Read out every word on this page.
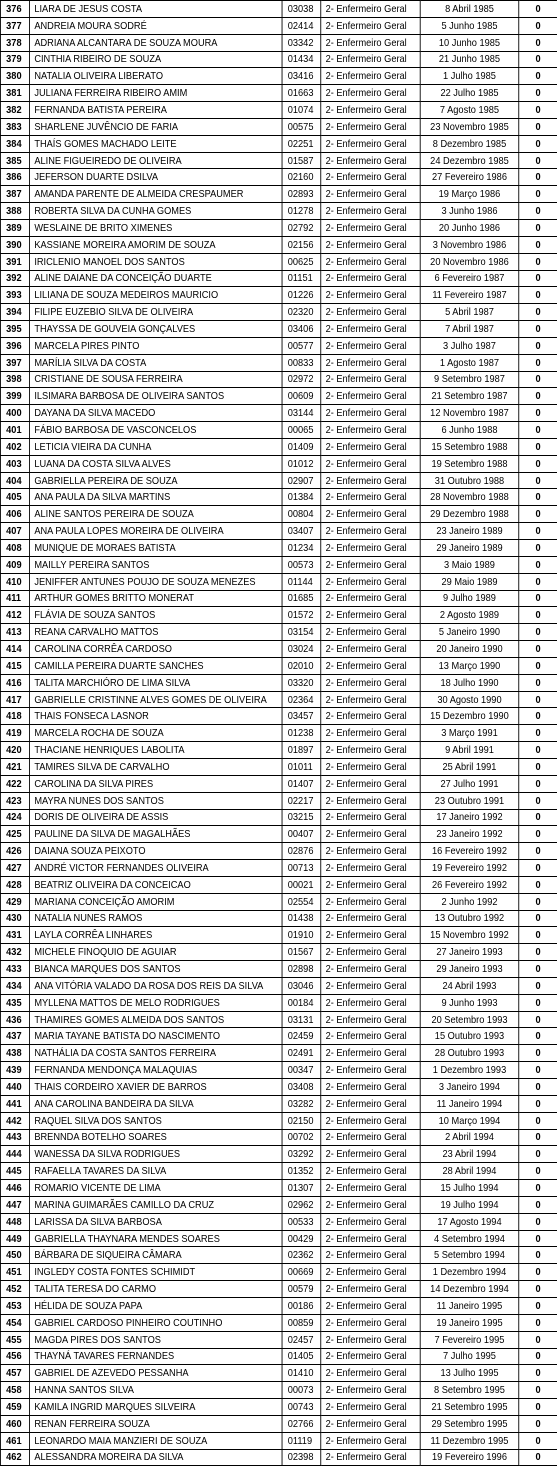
376	LIARA DE JESUS COSTA	03038	2- Enfermeiro Geral	8 Abril 1985	0
377	ANDREIA MOURA SODRÉ	02414	2- Enfermeiro Geral	5 Junho 1985	0
378	ADRIANA ALCANTARA DE SOUZA MOURA	03342	2- Enfermeiro Geral	10 Junho 1985	0
379	CINTHIA RIBEIRO DE SOUZA	01434	2- Enfermeiro Geral	21 Junho 1985	0
380	NATALIA OLIVEIRA LIBERATO	03416	2- Enfermeiro Geral	1 Julho 1985	0
381	JULIANA FERREIRA RIBEIRO AMIM	01663	2- Enfermeiro Geral	22 Julho 1985	0
382	FERNANDA BATISTA PEREIRA	01074	2- Enfermeiro Geral	7 Agosto 1985	0
383	SHARLENE JUVÊNCIO DE FARIA	00575	2- Enfermeiro Geral	23 Novembro 1985	0
384	THAÍS GOMES MACHADO LEITE	02251	2- Enfermeiro Geral	8 Dezembro 1985	0
385	ALINE FIGUEIREDO DE OLIVEIRA	01587	2- Enfermeiro Geral	24 Dezembro 1985	0
386	JEFERSON DUARTE DSILVA	02160	2- Enfermeiro Geral	27 Fevereiro 1986	0
387	AMANDA PARENTE DE ALMEIDA CRESPAUMER	02893	2- Enfermeiro Geral	19 Março 1986	0
388	ROBERTA SILVA DA CUNHA GOMES	01278	2- Enfermeiro Geral	3 Junho 1986	0
389	WESLAINE DE BRITO XIMENES	02792	2- Enfermeiro Geral	20 Junho 1986	0
390	KASSIANE MOREIRA AMORIM DE SOUZA	02156	2- Enfermeiro Geral	3 Novembro 1986	0
391	IRICLENIO MANOEL DOS SANTOS	00625	2- Enfermeiro Geral	20 Novembro 1986	0
392	ALINE DAIANE DA CONCEIÇÃO DUARTE	01151	2- Enfermeiro Geral	6 Fevereiro 1987	0
393	LILIANA DE SOUZA MEDEIROS MAURICIO	01226	2- Enfermeiro Geral	11 Fevereiro 1987	0
394	FILIPE EUZEBIO SILVA DE OLIVEIRA	02320	2- Enfermeiro Geral	5 Abril 1987	0
395	THAYSSA DE GOUVEIA GONÇALVES	03406	2- Enfermeiro Geral	7 Abril 1987	0
396	MARCELA PIRES PINTO	00577	2- Enfermeiro Geral	3 Julho 1987	0
397	MARÍLIA SILVA DA COSTA	00833	2- Enfermeiro Geral	1 Agosto 1987	0
398	CRISTIANE DE SOUSA FERREIRA	02972	2- Enfermeiro Geral	9 Setembro 1987	0
399	ILSIMARA BARBOSA DE OLIVEIRA SANTOS	00609	2- Enfermeiro Geral	21 Setembro 1987	0
400	DAYANA DA SILVA MACEDO	03144	2- Enfermeiro Geral	12 Novembro 1987	0
401	FÁBIO BARBOSA DE VASCONCELOS	00065	2- Enfermeiro Geral	6 Junho 1988	0
402	LETICIA VIEIRA DA CUNHA	01409	2- Enfermeiro Geral	15 Setembro 1988	0
403	LUANA DA COSTA SILVA ALVES	01012	2- Enfermeiro Geral	19 Setembro 1988	0
404	GABRIELLA PEREIRA DE SOUZA	02907	2- Enfermeiro Geral	31 Outubro 1988	0
405	ANA PAULA DA SILVA MARTINS	01384	2- Enfermeiro Geral	28 Novembro 1988	0
406	ALINE SANTOS PEREIRA DE SOUZA	00804	2- Enfermeiro Geral	29 Dezembro 1988	0
407	ANA PAULA LOPES MOREIRA DE OLIVEIRA	03407	2- Enfermeiro Geral	23 Janeiro 1989	0
408	MUNIQUE DE MORAES BATISTA	01234	2- Enfermeiro Geral	29 Janeiro 1989	0
409	MAILLY PEREIRA SANTOS	00573	2- Enfermeiro Geral	3 Maio 1989	0
410	JENIFFER ANTUNES POUJO DE SOUZA MENEZES	01144	2- Enfermeiro Geral	29 Maio 1989	0
411	ARTHUR GOMES BRITTO MONERAT	01685	2- Enfermeiro Geral	9 Julho 1989	0
412	FLÁVIA DE SOUZA SANTOS	01572	2- Enfermeiro Geral	2 Agosto 1989	0
413	REANA CARVALHO MATTOS	03154	2- Enfermeiro Geral	5 Janeiro 1990	0
414	CAROLINA CORRÊA CARDOSO	03024	2- Enfermeiro Geral	20 Janeiro 1990	0
415	CAMILLA PEREIRA DUARTE SANCHES	02010	2- Enfermeiro Geral	13 Março 1990	0
416	TALITA MARCHIÓRO DE LIMA SILVA	03320	2- Enfermeiro Geral	18 Julho 1990	0
417	GABRIELLE CRISTINNE ALVES GOMES DE OLIVEIRA	02364	2- Enfermeiro Geral	30 Agosto 1990	0
418	THAIS FONSECA LASNOR	03457	2- Enfermeiro Geral	15 Dezembro 1990	0
419	MARCELA ROCHA DE SOUZA	01238	2- Enfermeiro Geral	3 Março 1991	0
420	THACIANE HENRIQUES LABOLITA	01897	2- Enfermeiro Geral	9 Abril 1991	0
421	TAMIRES SILVA DE CARVALHO	01011	2- Enfermeiro Geral	25 Abril 1991	0
422	CAROLINA DA SILVA PIRES	01407	2- Enfermeiro Geral	27 Julho 1991	0
423	MAYRA NUNES DOS SANTOS	02217	2- Enfermeiro Geral	23 Outubro 1991	0
424	DORIS DE OLIVEIRA DE ASSIS	03215	2- Enfermeiro Geral	17 Janeiro 1992	0
425	PAULINE DA SILVA DE MAGALHÃES	00407	2- Enfermeiro Geral	23 Janeiro 1992	0
426	DAIANA SOUZA PEIXOTO	02876	2- Enfermeiro Geral	16 Fevereiro 1992	0
427	ANDRÉ VICTOR FERNANDES OLIVEIRA	00713	2- Enfermeiro Geral	19 Fevereiro 1992	0
428	BEATRIZ OLIVEIRA DA CONCEICAO	00021	2- Enfermeiro Geral	26 Fevereiro 1992	0
429	MARIANA CONCEIÇÃO AMORIM	02554	2- Enfermeiro Geral	2 Junho 1992	0
430	NATALIA NUNES RAMOS	01438	2- Enfermeiro Geral	13 Outubro 1992	0
431	LAYLA CORRÊA LINHARES	01910	2- Enfermeiro Geral	15 Novembro 1992	0
432	MICHELE FINOQUIO DE AGUIAR	01567	2- Enfermeiro Geral	27 Janeiro 1993	0
433	BIANCA MARQUES DOS SANTOS	02898	2- Enfermeiro Geral	29 Janeiro 1993	0
434	ANA VITÓRIA VALADO DA ROSA DOS REIS DA SILVA	03046	2- Enfermeiro Geral	24 Abril 1993	0
435	MYLLENA MATTOS DE MELO RODRIGUES	00184	2- Enfermeiro Geral	9 Junho 1993	0
436	THAMIRES GOMES ALMEIDA DOS SANTOS	03131	2- Enfermeiro Geral	20 Setembro 1993	0
437	MARIA TAYANE BATISTA DO NASCIMENTO	02459	2- Enfermeiro Geral	15 Outubro 1993	0
438	NATHÁLIA DA COSTA SANTOS FERREIRA	02491	2- Enfermeiro Geral	28 Outubro 1993	0
439	FERNANDA MENDONÇA MALAQUIAS	00347	2- Enfermeiro Geral	1 Dezembro 1993	0
440	THAIS CORDEIRO XAVIER DE BARROS	03408	2- Enfermeiro Geral	3 Janeiro 1994	0
441	ANA CAROLINA BANDEIRA DA SILVA	03282	2- Enfermeiro Geral	11 Janeiro 1994	0
442	RAQUEL SILVA DOS SANTOS	02150	2- Enfermeiro Geral	10 Março 1994	0
443	BRENNDA BOTELHO SOARES	00702	2- Enfermeiro Geral	2 Abril 1994	0
444	WANESSA DA SILVA RODRIGUES	03292	2- Enfermeiro Geral	23 Abril 1994	0
445	RAFAELLA TAVARES DA SILVA	01352	2- Enfermeiro Geral	28 Abril 1994	0
446	ROMARIO VICENTE DE LIMA	01307	2- Enfermeiro Geral	15 Julho 1994	0
447	MARINA GUIMARÃES CAMILLO DA CRUZ	02962	2- Enfermeiro Geral	19 Julho 1994	0
448	LARISSA DA SILVA BARBOSA	00533	2- Enfermeiro Geral	17 Agosto 1994	0
449	GABRIELLA THAYNARA MENDES SOARES	00429	2- Enfermeiro Geral	4 Setembro 1994	0
450	BÁRBARA DE SIQUEIRA CÂMARA	02362	2- Enfermeiro Geral	5 Setembro 1994	0
451	INGLEDY COSTA FONTES SCHIMIDT	00669	2- Enfermeiro Geral	1 Dezembro 1994	0
452	TALITA TERESA DO CARMO	00579	2- Enfermeiro Geral	14 Dezembro 1994	0
453	HÉLIDA DE SOUZA PAPA	00186	2- Enfermeiro Geral	11 Janeiro 1995	0
454	GABRIEL CARDOSO PINHEIRO COUTINHO	00859	2- Enfermeiro Geral	19 Janeiro 1995	0
455	MAGDA PIRES DOS SANTOS	02457	2- Enfermeiro Geral	7 Fevereiro 1995	0
456	THAYNÁ TAVARES FERNANDES	01405	2- Enfermeiro Geral	7 Julho 1995	0
457	GABRIEL DE AZEVEDO PESSANHA	01410	2- Enfermeiro Geral	13 Julho 1995	0
458	HANNA SANTOS SILVA	00073	2- Enfermeiro Geral	8 Setembro 1995	0
459	KAMILA INGRID MARQUES SILVEIRA	00743	2- Enfermeiro Geral	21 Setembro 1995	0
460	RENAN FERREIRA SOUZA	02766	2- Enfermeiro Geral	29 Setembro 1995	0
461	LEONARDO MAIA MANZIERI DE SOUZA	01119	2- Enfermeiro Geral	11 Dezembro 1995	0
462	ALESSANDRA MOREIRA DA SILVA	02398	2- Enfermeiro Geral	19 Fevereiro 1996	0
